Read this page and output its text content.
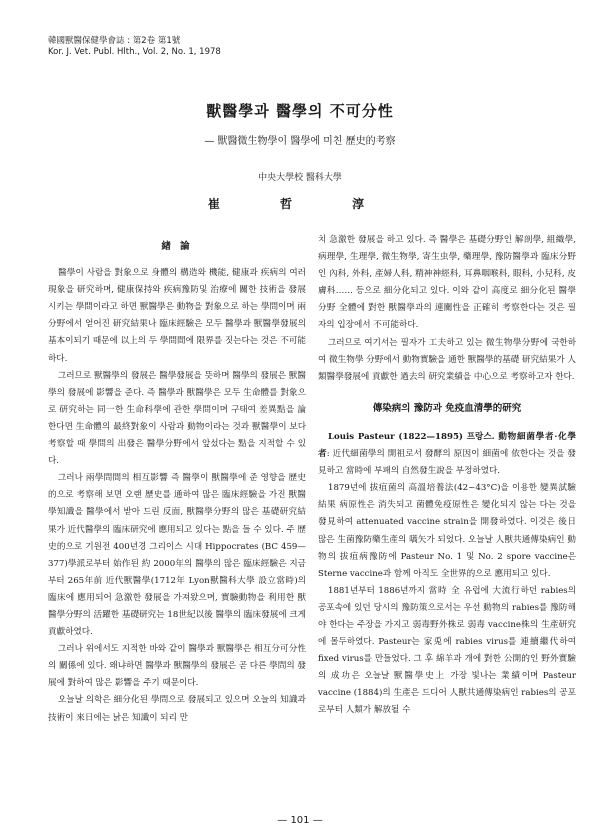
韓國獸醫保健學會誌 : 第2卷 第1號
Kor. J. Vet. Publ. Hlth., Vol. 2, No. 1, 1978
獸醫學과 醫學의 不可分性
— 獸醫微生物學이 醫學에 미친 歷史的考察
中央大學校 醫科大學
崔 哲 淳
緖 論

醫學이 사람을 對象으로 身體의 構造와 機能, 健康과 疾病의 여러 現象을 研究하며, 健康保持와 疾病豫防및 治療에 關한 技術을 發展시키는 學問이라고 하면 獸醫學은 動物을 對象으로 하는 學問이며 兩分野에서 얻어진 研究結果나 臨床經驗은 모두 醫學과 獸醫學發展의 基本이되기 때문에 以上의 두 學問間에 限界를 짓는다는 것은 不可能하다.

그러므로 獸醫學의 發展은 醫學發展을 뜻하며 醫學의 發展은 獸醫學의 發展에 影響을 준다. 즉 醫學과 獸醫學은 모두 生命體를 對象으로 研究하는 同一한 生命科學에 관한 學問이며 구태여 差異點을 論한다면 生命體의 最終對象이 사람과 動物이라는 것과 獸醫學이 보다 考察할 때 學問의 出發은 醫學分野에서 앞섰다는 點을 지적할 수 있다.

그러나 兩學問間의 相互影響 즉 醫學이 獸醫學에 준 영향을 歷史的으로 考察해 보면 오랜 歷史를 通하여 많은 臨床經驗을 가진 獸醫學知識을 醫學에서 받아 드린 反面, 獸醫學分野의 많은 基礎研究結果가 近代醫學의 臨床研究에 應用되고 있다는 點을 들 수 있다. 주 歷史的으로 기원전 400년경 그리이스 시대 Hippocrates (BC 459—377)學派로부터 始作된 約 2000年의 醫學의 많은 臨床經驗은 지금부터 265年前 近代獸醫學(1712年 Lyon獸醫科大學 設立當時)의 臨床에 應用되어 急激한 發展을 가져왔으며, 實驗動物을 利用한 獸醫學分野의 活躍한 基礎研究는 18世紀以後 醫學의 臨床發展에 크게 貢獻하였다.

그러나 위에서도 지적한 바와 같이 醫學과 獸醫學은 相互分可分性의 關係에 있다. 왜냐하면 醫學과 獸醫學의 發展은 곧 다른 學問의 發展에 對하여 많은 影響을 주기 때문이다.

오늘날 의학은 細分化된 學問으로 發展되고 있으며 오늘의 知識과 技術이 來日에는 낡은 知識이 되리 만

치 急激한 發展을 하고 있다. 즉 醫學은 基礎分野인 解剖學, 組織學, 病理學, 生理學, 微生物學, 寄生虫學, 藥理學, 豫防醫學과 臨床分野인 內科, 外科, 產婦人科, 精神神經科, 耳鼻咽喉科, 眼科, 小兒科, 皮膚科…… 등으로 細分化되고 있다. 이와 같이 高度로 細分化된 醫學分野 全體에 對한 獸醫學과의 連關性을 正確히 考察한다는 것은 필자의 입장에서 不可能하다.

그러므로 여기서는 필자가 工夫하고 있는 微生物學分野에 국한하여 微生物學 分野에서 動物實驗을 通한 獸醫學的基礎 研究結果가 人類醫學發展에 貢獻한 過去의 研究業績을 中心으로 考察하고자 한다.

傳染病의 豫防과 免疫血清學的研究

Louis Pasteur (1822—1895) 프랑스. 動物細菌學者·化學者: 近代細菌學의 開祖로서 發酵의 原因이 細菌에 依한다는 것을 發見하고 當時에 부패의 自然發生說을 부정하였다.

1879년에 拔疽菌의 高溫培養法(42~43°C)을 이용한 變異試驗結果 病原性은 消失되고 菌體免疫原性은 變化되지 않는 다는 것을 發見하여 attenuated vaccine strain을 開發하였다. 이것은 後日 많은 生菌豫防藥生產의 嚆矢가 되었다. 오늘날 人獸共通傳染病인 動物의 拔疽病豫防에 Pasteur No. 1 및 No. 2 spore vaccine은 Sterne vaccine과 함께 아직도 全世界的으로 應用되고 있다.

1881년부터 1886년까지 當時 全 유럽에 大流行하던 rabies의 공포속에 있던 당시의 豫防策으로서는 우선 動物의 rabies를 豫防해야 한다는 주장을 가지고 弱毒野外株로 弱毒 vaccine株의 生產研究에 몰두하였다. Pasteur는 家兎에 rabies virus를 連續繼代하여 fixed virus를 만들었다. 그 후 綿羊과 개에 對한 公開的인 野外實驗의 成功은 오늘날 獸醫學史上 가장 빛나는 業績이며 Pasteur vaccine (1884)의 生產은 드디어 人獸共通傳染病인 rabies의 공포로부터 人類가 解放될 수

— 101 —
